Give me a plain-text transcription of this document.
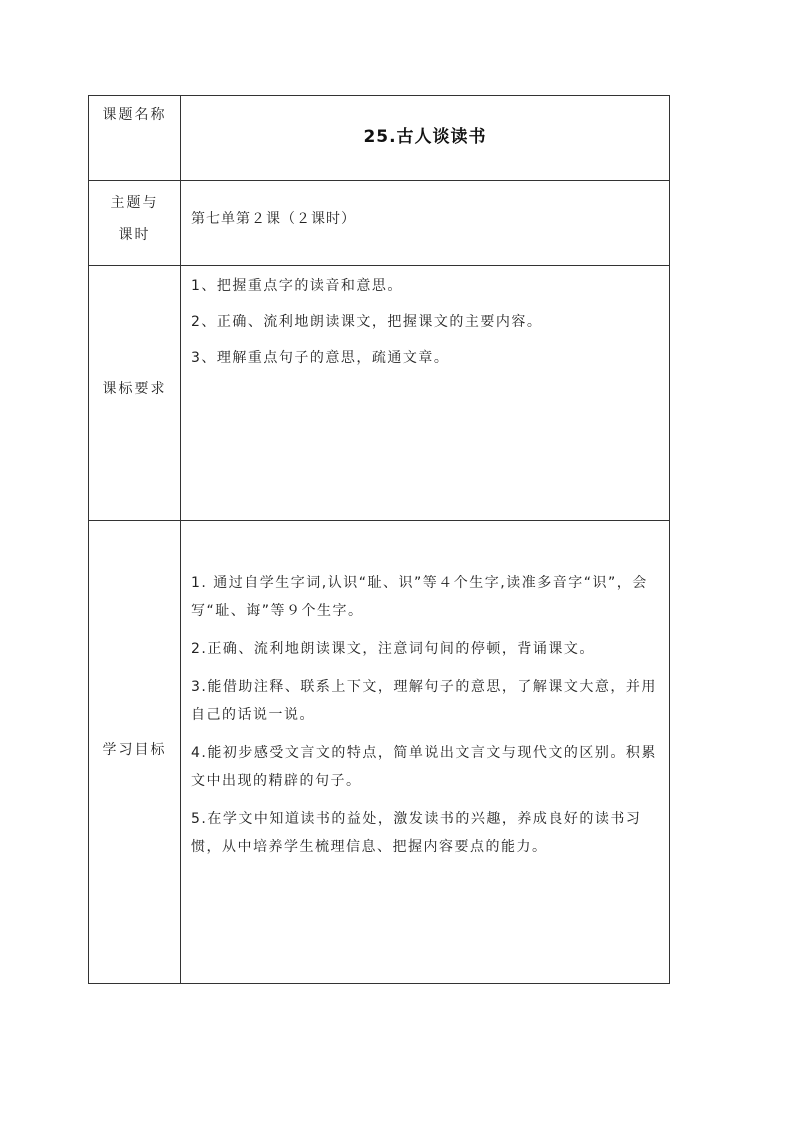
课题名称	25.古人谈读书

主题与
课时	第七单第２课（２课时）

课标要求	1、把握重点字的读音和意思。
2、正确、流利地朗读课文，把握课文的主要内容。
3、理解重点句子的意思，疏通文章。

学习目标	1. 通过自学生字词,认识“耻、识”等４个生字,读准多音字“识”，会写“耻、诲”等９个生字。
2.正确、流利地朗读课文，注意词句间的停顿，背诵课文。
3.能借助注释、联系上下文，理解句子的意思，了解课文大意，并用自己的话说一说。
4.能初步感受文言文的特点，简单说出文言文与现代文的区别。积累文中出现的精辟的句子。
5.在学文中知道读书的益处，激发读书的兴趣，养成良好的读书习惯，从中培养学生梳理信息、把握内容要点的能力。
